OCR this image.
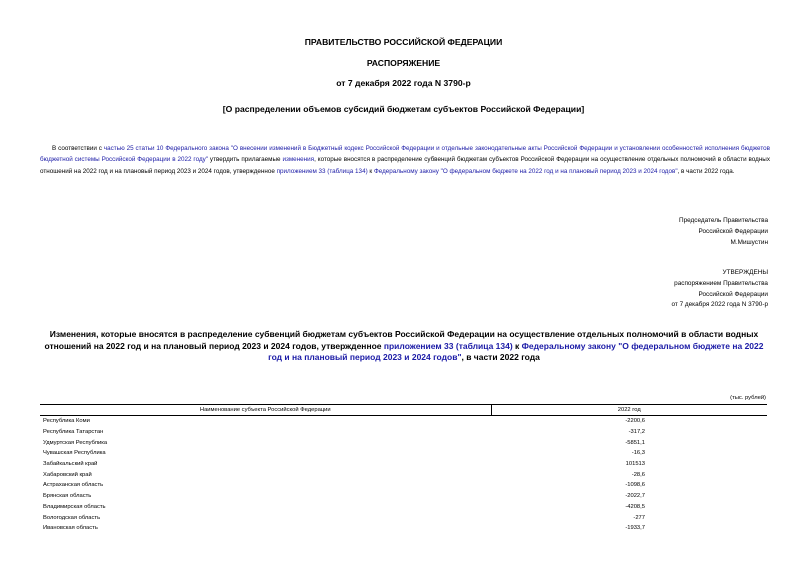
ПРАВИТЕЛЬСТВО РОССИЙСКОЙ ФЕДЕРАЦИИ
РАСПОРЯЖЕНИЕ
от 7 декабря 2022 года N 3790-р
[О распределении объемов субсидий бюджетам субъектов Российской Федерации]
В соответствии с частью 25 статьи 10 Федерального закона "О внесении изменений в Бюджетный кодекс Российской Федерации и отдельные законодательные акты Российской Федерации и установлении особенностей исполнения бюджетов бюджетной системы Российской Федерации в 2022 году" утвердить прилагаемые изменения, которые вносятся в распределение субвенций бюджетам субъектов Российской Федерации на осуществление отдельных полномочий в области водных отношений на 2022 год и на плановый период 2023 и 2024 годов, утвержденное приложением 33 (таблица 134) к Федеральному закону "О федеральном бюджете на 2022 год и на плановый период 2023 и 2024 годов", в части 2022 года.
Председатель Правительства
Российской Федерации
М.Мишустин
УТВЕРЖДЕНЫ
распоряжением Правительства
Российской Федерации
от 7 декабря 2022 года N 3790-р
Изменения, которые вносятся в распределение субвенций бюджетам субъектов Российской Федерации на осуществление отдельных полномочий в области водных отношений на 2022 год и на плановый период 2023 и 2024 годов, утвержденное приложением 33 (таблица 134) к Федеральному закону "О федеральном бюджете на 2022 год и на плановый период 2023 и 2024 годов", в части 2022 года
(тыс. рублей)
Наименование субъекта Российской Федерации	2022 год
Республика Коми	-2200,6
Республика Татарстан	-317,2
Удмуртская Республика	-5851,1
Чувашская Республика	-16,3
Забайкальский край	101513
Хабаровский край	-28,6
Астраханская область	-1098,6
Брянская область	-2022,7
Владимирская область	-4208,5
Вологодская область	-277
Ивановская область	-1933,7
